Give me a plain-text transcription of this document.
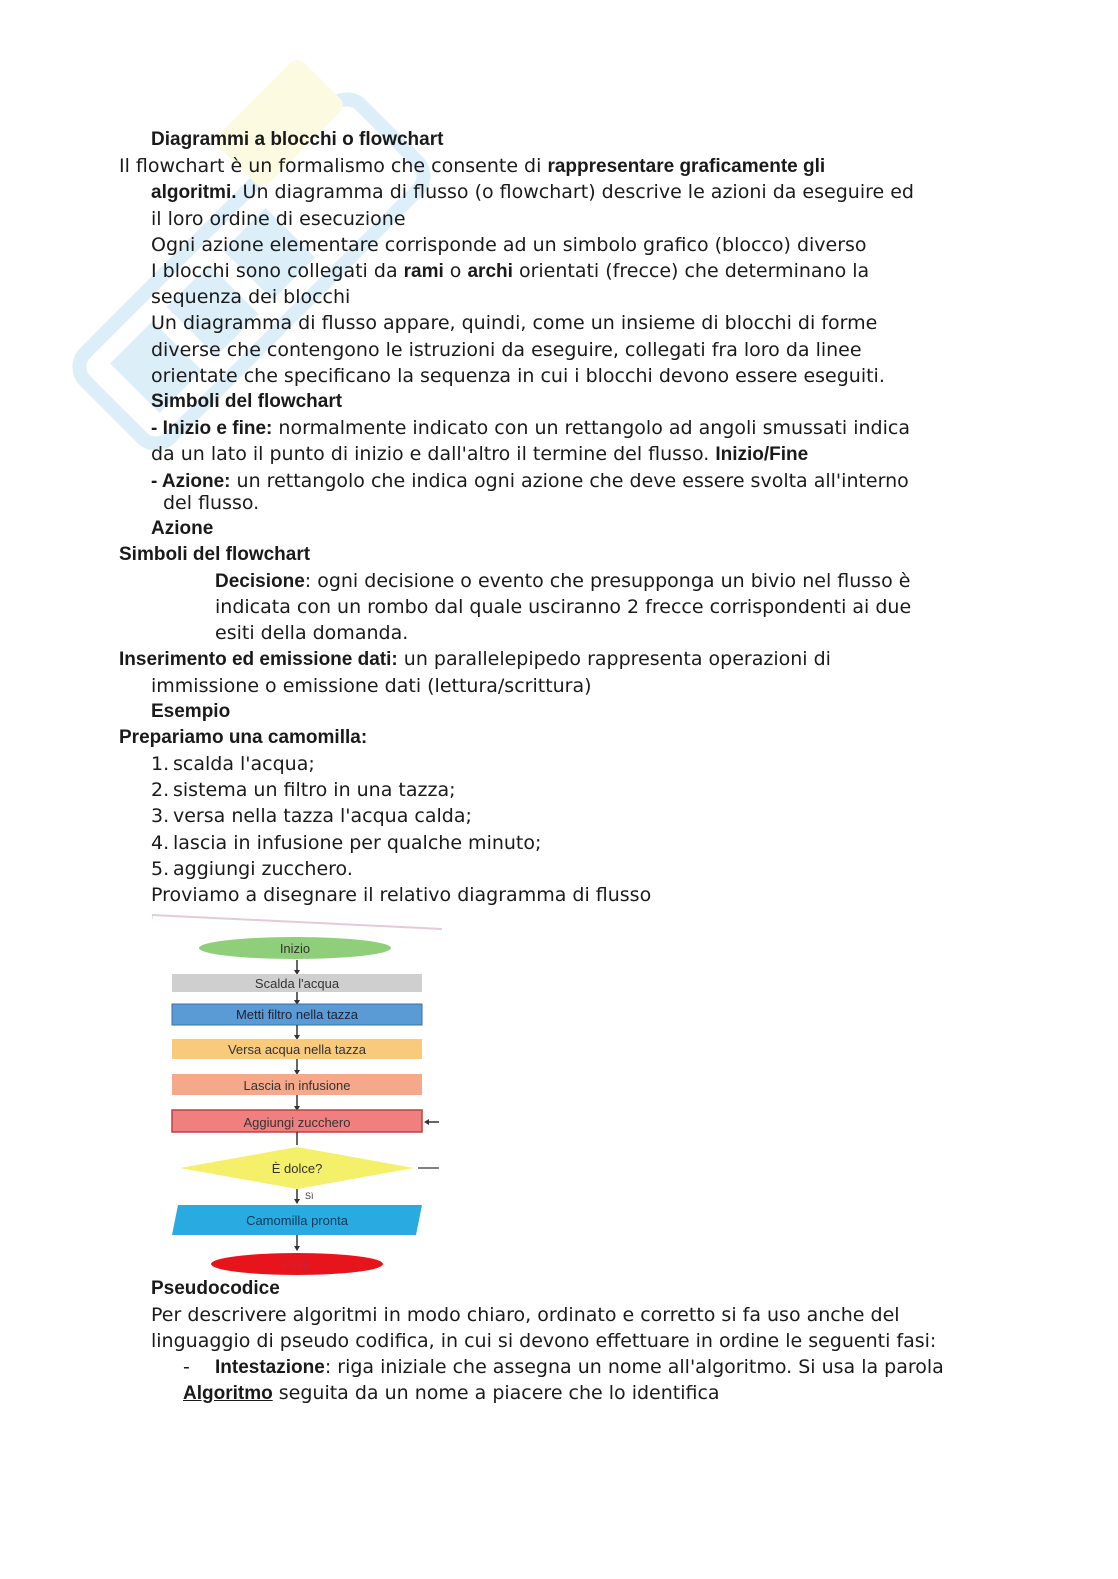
Diagrammi a blocchi o flowchart
Il flowchart è un formalismo che consente di rappresentare graficamente gli
algoritmi. Un diagramma di flusso (o flowchart) descrive le azioni da eseguire ed
il loro ordine di esecuzione
Ogni azione elementare corrisponde ad un simbolo grafico (blocco) diverso
I blocchi sono collegati da rami o archi orientati (frecce) che determinano la
sequenza dei blocchi
Un diagramma di flusso appare, quindi, come un insieme di blocchi di forme
diverse che contengono le istruzioni da eseguire, collegati fra loro da linee
orientate che specificano la sequenza in cui i blocchi devono essere eseguiti.
Simboli del flowchart
- Inizio e fine: normalmente indicato con un rettangolo ad angoli smussati indica
da un lato il punto di inizio e dall'altro il termine del flusso. Inizio/Fine
- Azione: un rettangolo che indica ogni azione che deve essere svolta all'interno
del flusso.
Azione
Simboli del flowchart
Decisione: ogni decisione o evento che presupponga un bivio nel flusso è
indicata con un rombo dal quale usciranno 2 frecce corrispondenti ai due
esiti della domanda.
Inserimento ed emissione dati: un parallelepipedo rappresenta operazioni di
immissione o emissione dati (lettura/scrittura)
Esempio
Prepariamo una camomilla:
1. scalda l'acqua;
2. sistema un filtro in una tazza;
3. versa nella tazza l'acqua calda;
4. lascia in infusione per qualche minuto;
5. aggiungi zucchero.
Proviamo a disegnare il relativo diagramma di flusso
Inizio
Scalda l'acqua
Metti filtro nella tazza
Versa acqua nella tazza
Lascia in infusione
Aggiungi zucchero
È dolce?
Sì
Camomilla pronta
FINE
Pseudocodice
Per descrivere algoritmi in modo chiaro, ordinato e corretto si fa uso anche del
linguaggio di pseudo codifica, in cui si devono effettuare in ordine le seguenti fasi:
- Intestazione: riga iniziale che assegna un nome all'algoritmo. Si usa la parola
Algoritmo seguita da un nome a piacere che lo identifica
